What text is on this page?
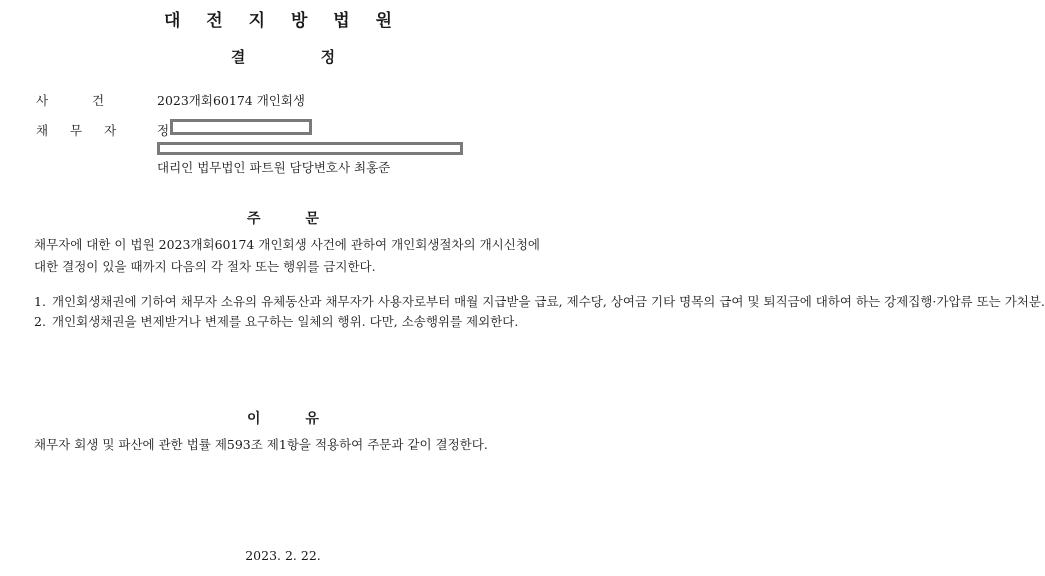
대 전 지 방 법 원
결 정
사 건	2023개회60174 개인회생
채 무 자	정
대리인 법무법인 파트원 담당변호사 최홍준
주 문
채무자에 대한 이 법원 2023개회60174 개인회생 사건에 관하여 개인회생절차의 개시신청에 대한 결정이 있을 때까지 다음의 각 절차 또는 행위를 금지한다.
1. 개인회생채권에 기하여 채무자 소유의 유체동산과 채무자가 사용자로부터 매월 지급받을 급료, 제수당, 상여금 기타 명목의 급여 및 퇴직금에 대하여 하는 강제집행·가압류 또는 가처분.
2. 개인회생채권을 변제받거나 변제를 요구하는 일체의 행위. 다만, 소송행위를 제외한다.
이 유
채무자 회생 및 파산에 관한 법률 제593조 제1항을 적용하여 주문과 같이 결정한다.
2023. 2. 22.
